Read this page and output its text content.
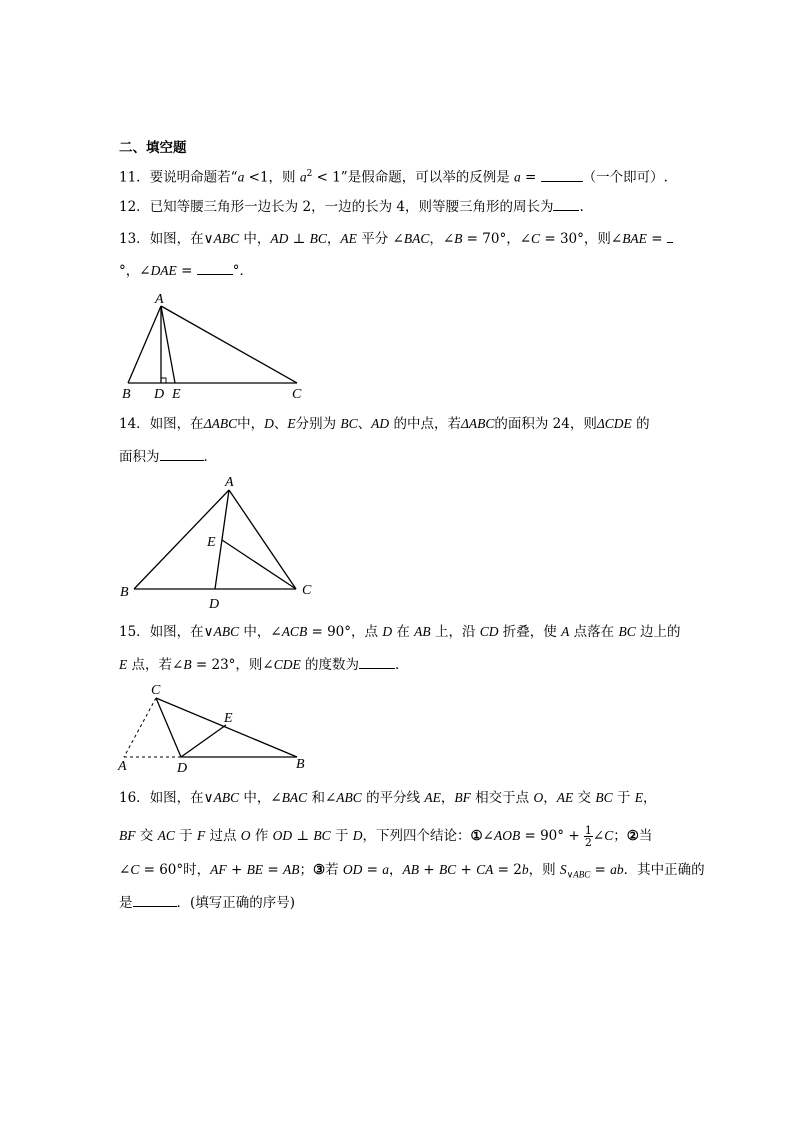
二、填空题
11．要说明命题若“a <1，则 $a^2 < 1$”是假命题，可以举的反例是 a =	（一个即可）.
12．已知等腰三角形一边长为 2，一边的长为 4，则等腰三角形的周长为 .
13．如图，在∨ABC 中，AD ⊥ BC，AE 平分 ∠BAC，∠B = 70°，∠C = 30°，则∠BAE =
°，∠DAE =	°．
A
B D E	C
14．如图，在ΔABC中，D、E分别为 BC、AD 的中点，若ΔABC的面积为 24，则ΔCDE 的
面积为	．
A
E
B
D
C
15．如图，在∨ABC 中，∠ACB = 90°，点 D 在 AB 上，沿 CD 折叠，使 A 点落在 BC 边上的
E 点，若∠B = 23°，则∠CDE 的度数为	．
C
E
A	D	B
16．如图，在∨ABC 中，∠BAC 和∠ABC 的平分线 AE，BF 相交于点 O，AE 交 BC 于 E，
BF 交 AC 于 F 过点 O 作 OD ⊥ BC 于 D，下列四个结论：①∠AOB = $90^\circ + \frac{1}{2}$ ∠C；②当
∠C = 60°时，AF + BE = AB；③若 OD = a，AB + BC + CA = 2b，则 $S_{\vee ABC}$ = ab．其中正确的
是	．(填写正确的序号)
